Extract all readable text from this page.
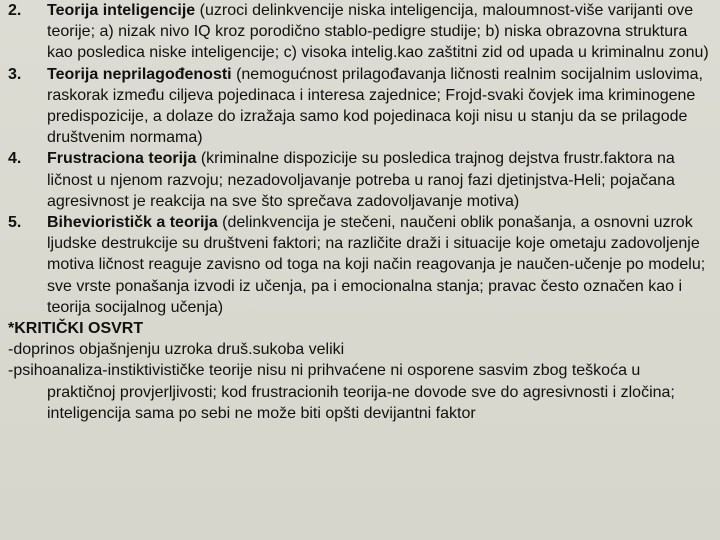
2.	Teorija inteligencije (uzroci delinkvencije niska inteligencija, maloumnost-više varijanti ove teorije; a) nizak nivo IQ kroz porodično stablo-pedigre studije; b) niska obrazovna struktura kao posledica niske inteligencije; c) visoka intelig.kao zaštitni zid od upada u kriminalnu zonu)
3.	Teorija neprilagođenosti (nemogućnost prilagođavanja ličnosti realnim socijalnim uslovima, raskorak između ciljeva pojedinaca i interesa zajednice; Frojd-svaki čovjek ima kriminogene predispozicije, a dolaze do izražaja samo kod pojedinaca koji nisu u stanju da se prilagode društvenim normama)
4.	Frustraciona teorija (kriminalne dispozicije su posledica trajnog dejstva frustr.faktora na ličnost u njenom razvoju; nezadovoljavanje potreba u ranoj fazi djetinjstva-Heli; pojačana agresivnost je reakcija na sve što sprečava zadovoljavanje motiva)
5.	Biheviorističk a teorija (delinkvencija je stečeni, naučeni oblik ponašanja, a osnovni uzrok ljudske destrukcije su društveni faktori; na različite draži i situacije koje ometaju zadovoljenje motiva ličnost reaguje zavisno od toga na koji način reagovanja je naučen-učenje po modelu; sve vrste ponašanja izvodi iz učenja, pa i emocionalna stanja; pravac često označen kao i teorija socijalnog učenja)
*KRITIČKI OSVRT
-doprinos objašnjenju uzroka druš.sukoba veliki
-psihoanaliza-instiktivističke teorije nisu ni prihvaćene ni osporene sasvim zbog teškoća u praktičnoj provjerljivosti; kod frustracionih teorija-ne dovode sve do agresivnosti i zločina; inteligencija sama po sebi ne može biti opšti devijantni faktor
